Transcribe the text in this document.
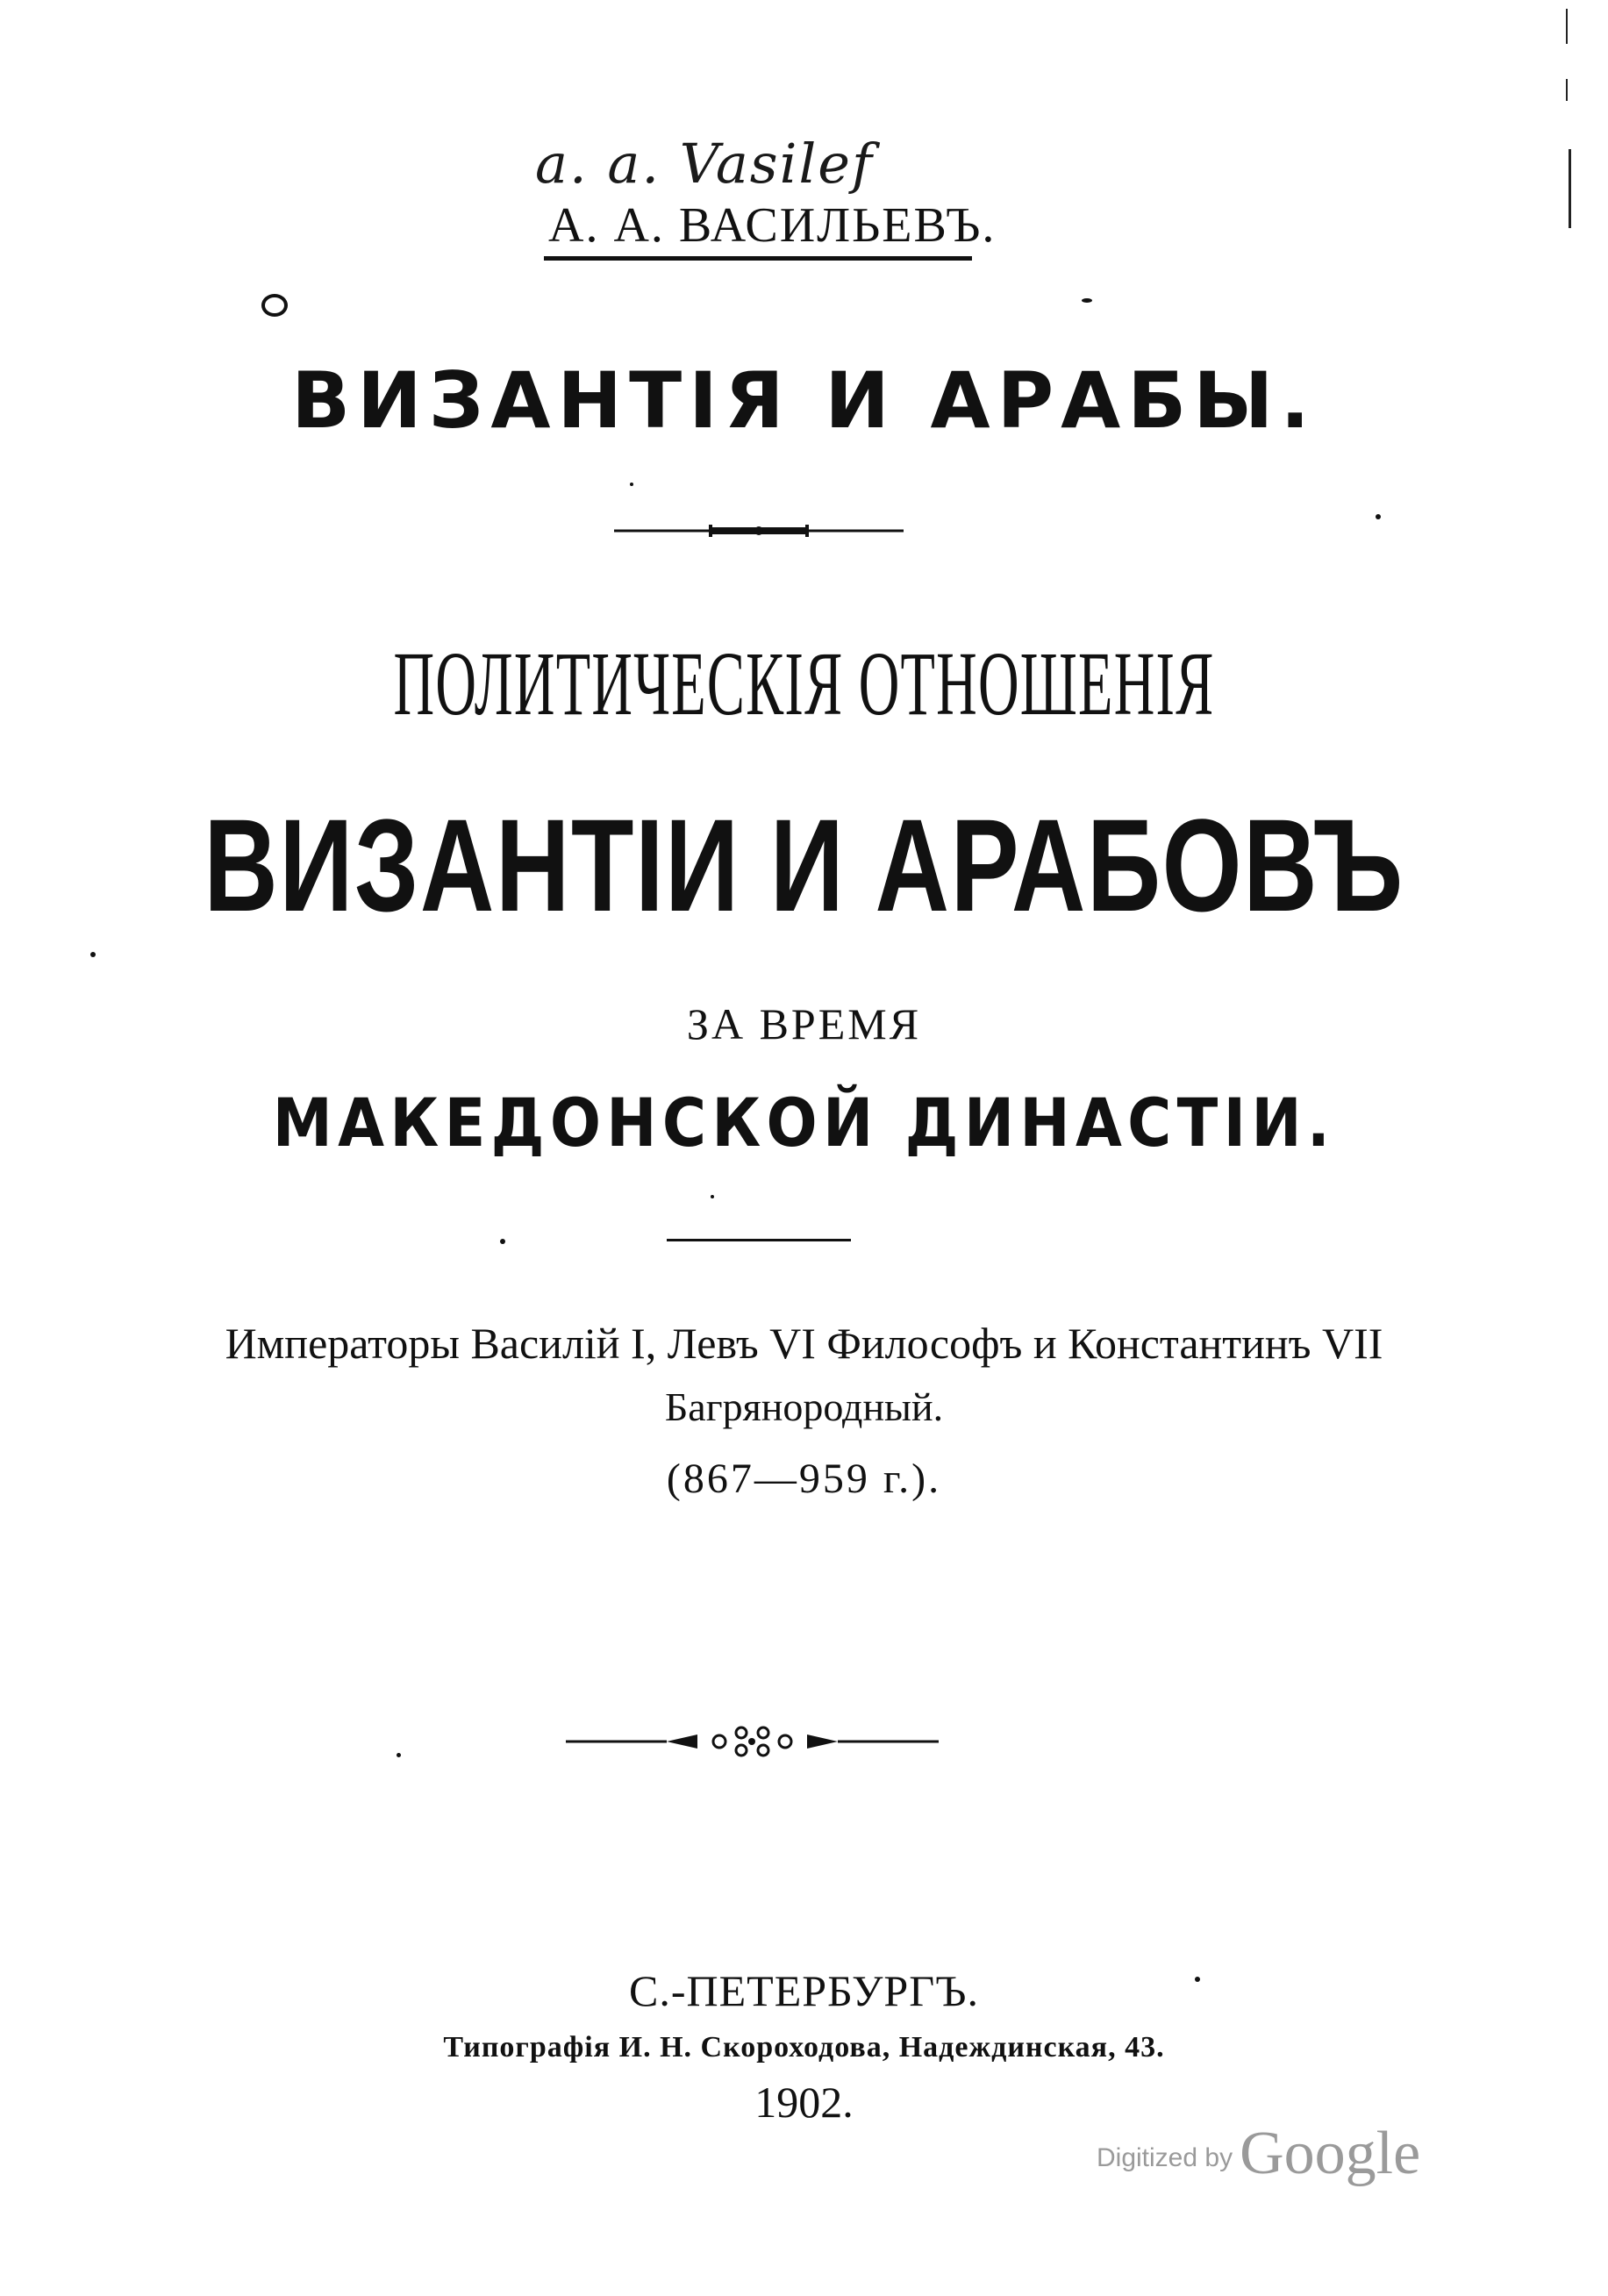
a. a. Vasilef
А. А. ВАСИЛЬЕВЪ.
ВИЗАНТІЯ И АРАБЫ.
ПОЛИТИЧЕСКІЯ ОТНОШЕНІЯ
ВИЗАНТІИ И АРАБОВЪ
ЗА ВРЕМЯ
МАКЕДОНСКОЙ ДИНАСТІИ.
Императоры Василій I, Левъ VI Философъ и Константинъ VII
Багрянородный.
(867—959 г.).
С.-ПЕТЕРБУРГЪ.
Типографія И. Н. Скороходова, Надеждинская, 43.
1902.
Digitized by Google
